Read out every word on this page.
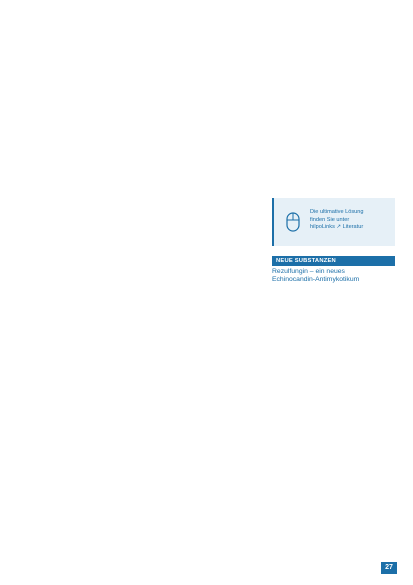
Die ultimative Lösung
finden Sie unter
hilpoLinks ↗ Literatur
NEUE SUBSTANZEN
Rezulfungin – ein neues
Echinocandin-Antimykotikum
27
